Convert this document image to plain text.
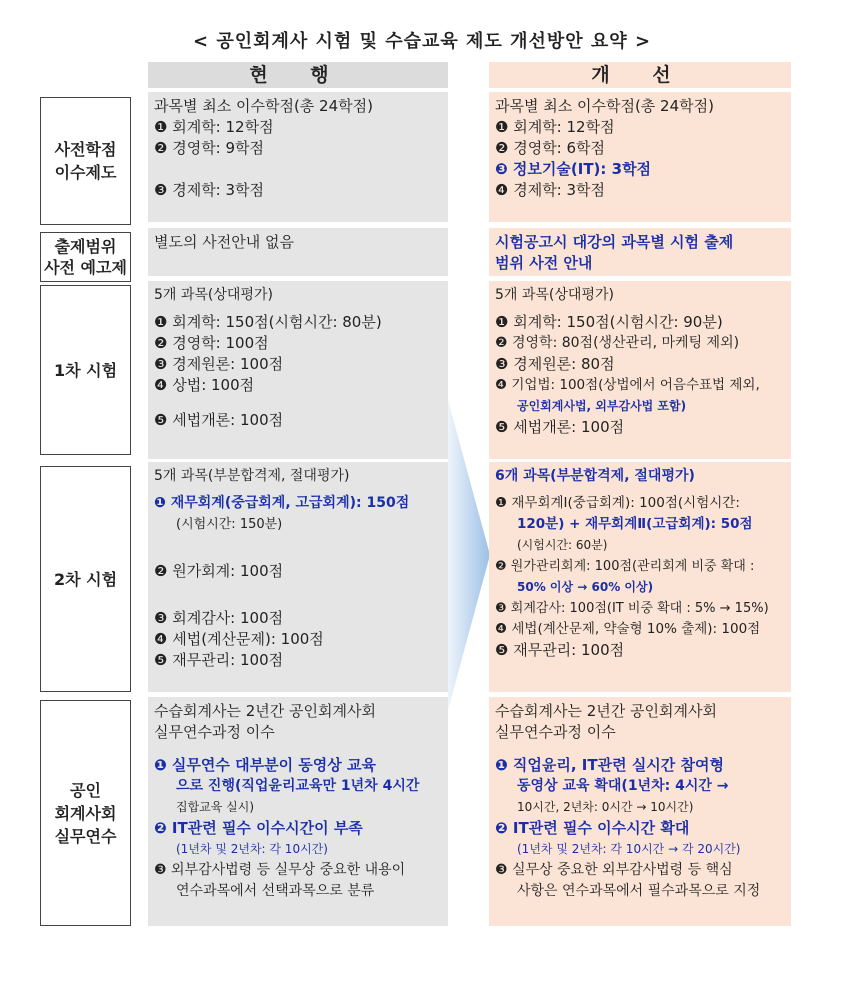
< 공인회계사 시험 및 수습교육 제도 개선방안 요약 >
현 행	개 선
사전학점
이수제도
과목별 최소 이수학점(총 24학점)
❶ 회계학: 12학점
❷ 경영학: 9학점
❸ 경제학: 3학점
과목별 최소 이수학점(총 24학점)
❶ 회계학: 12학점
❷ 경영학: 6학점
❸ 정보기술(IT): 3학점
❹ 경제학: 3학점
출제범위
사전 예고제
별도의 사전안내 없음	시험공고시 대강의 과목별 시험 출제
범위 사전 안내
1차 시험
5개 과목(상대평가)
❶ 회계학: 150점(시험시간: 80분)
❷ 경영학: 100점
❸ 경제원론: 100점
❹ 상법: 100점
❺ 세법개론: 100점
5개 과목(상대평가)
❶ 회계학: 150점(시험시간: 90분)
❷ 경영학: 80점(생산관리, 마케팅 제외)
❸ 경제원론: 80점
❹ 기업법: 100점(상법에서 어음수표법 제외,
공인회계사법, 외부감사법 포함)
❺ 세법개론: 100점
2차 시험
5개 과목(부분합격제, 절대평가)
❶ 재무회계(중급회계, 고급회계): 150점
(시험시간: 150분)
❷ 원가회계: 100점
❸ 회계감사: 100점
❹ 세법(계산문제): 100점
❺ 재무관리: 100점
6개 과목(부분합격제, 절대평가)
❶ 재무회계Ⅰ(중급회계): 100점(시험시간:
120분) + 재무회계Ⅱ(고급회계): 50점
(시험시간: 60분)
❷ 원가관리회계: 100점(관리회계 비중 확대 :
50% 이상 → 60% 이상)
❸ 회계감사: 100점(IT 비중 확대 : 5% → 15%)
❹ 세법(계산문제, 약술형 10% 출제): 100점
❺ 재무관리: 100점
공인
회계사회
실무연수
수습회계사는 2년간 공인회계사회
실무연수과정 이수
❶ 실무연수 대부분이 동영상 교육
으로 진행(직업윤리교육만 1년차 4시간
집합교육 실시)
❷ IT관련 필수 이수시간이 부족
(1년차 및 2년차: 각 10시간)
❸ 외부감사법령 등 실무상 중요한 내용이
연수과목에서 선택과목으로 분류
수습회계사는 2년간 공인회계사회
실무연수과정 이수
❶ 직업윤리, IT관련 실시간 참여형
동영상 교육 확대(1년차: 4시간 →
10시간, 2년차: 0시간 → 10시간)
❷ IT관련 필수 이수시간 확대
(1년차 및 2년차: 각 10시간 → 각 20시간)
❸ 실무상 중요한 외부감사법령 등 핵심
사항은 연수과목에서 필수과목으로 지정
